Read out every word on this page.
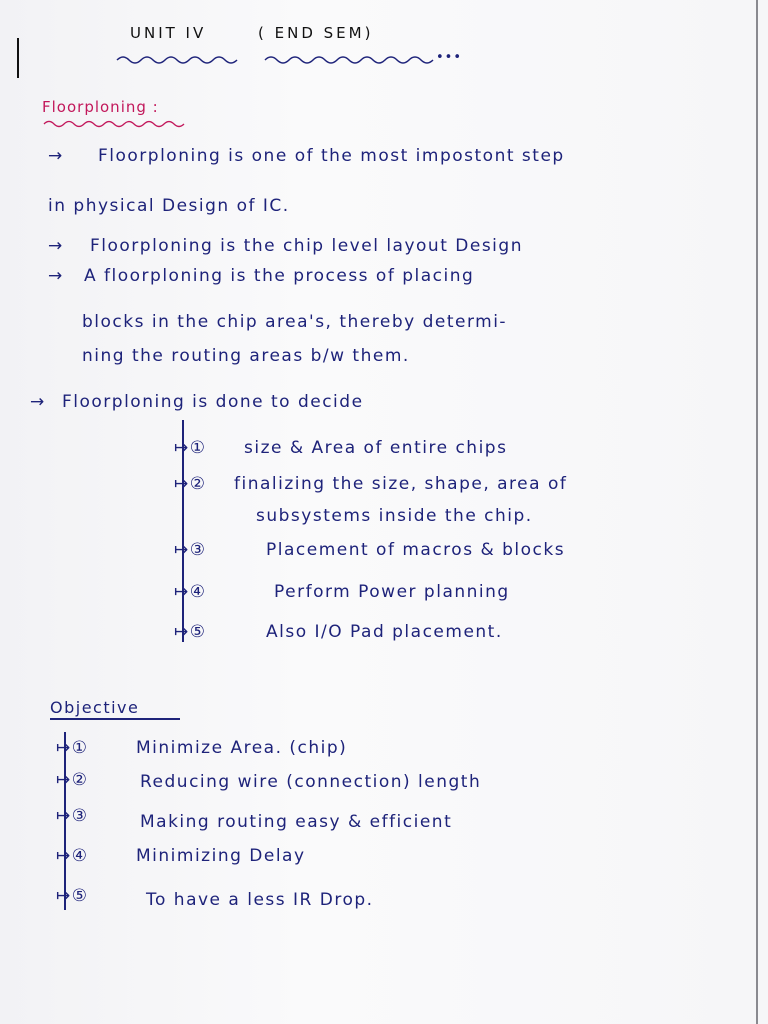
UNIT IV	( END SEM)
•••
Floorploning :
→ Floorploning is one of the most impostont step
in physical Design of IC.
→ Floorploning is the chip level layout Design
→ A floorploning is the process of placing
blocks in the chip area's, thereby determi-
ning the routing areas b/w them.
→ Floorploning is done to decide
↦① size & Area of entire chips
↦② finalizing the size, shape, area of
subsystems inside the chip.
↦③	Placement of macros & blocks
↦④	Perform Power planning
↦⑤	Also I/O Pad placement.
Objective
↦①	Minimize Area. (chip)
↦②	Reducing wire (connection) length
↦③	Making routing easy & efficient
↦④	Minimizing Delay
↦⑤	To have a less IR Drop.
